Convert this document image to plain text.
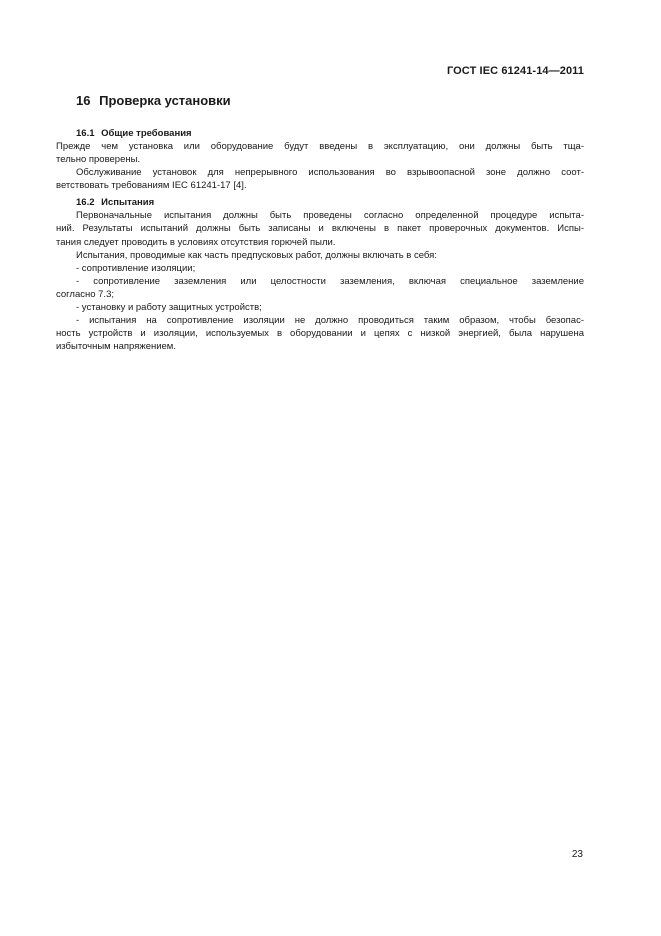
ГОСТ IEC 61241-14—2011
16 Проверка установки
16.1 Общие требования
Прежде чем установка или оборудование будут введены в эксплуатацию, они должны быть тща-
тельно проверены.
Обслуживание установок для непрерывного использования во взрывоопасной зоне должно соот-
ветствовать требованиям IEC 61241-17 [4].
16.2 Испытания
Первоначальные испытания должны быть проведены согласно определенной процедуре испыта-
ний. Результаты испытаний должны быть записаны и включены в пакет проверочных документов. Испы-
тания следует проводить в условиях отсутствия горючей пыли.
Испытания, проводимые как часть предпусковых работ, должны включать в себя:
- сопротивление изоляции;
- сопротивление заземления или целостности заземления, включая специальное заземление
согласно 7.3;
- установку и работу защитных устройств;
- испытания на сопротивление изоляции не должно проводиться таким образом, чтобы безопас-
ность устройств и изоляции, используемых в оборудовании и цепях с низкой энергией, была нарушена
избыточным напряжением.
23
